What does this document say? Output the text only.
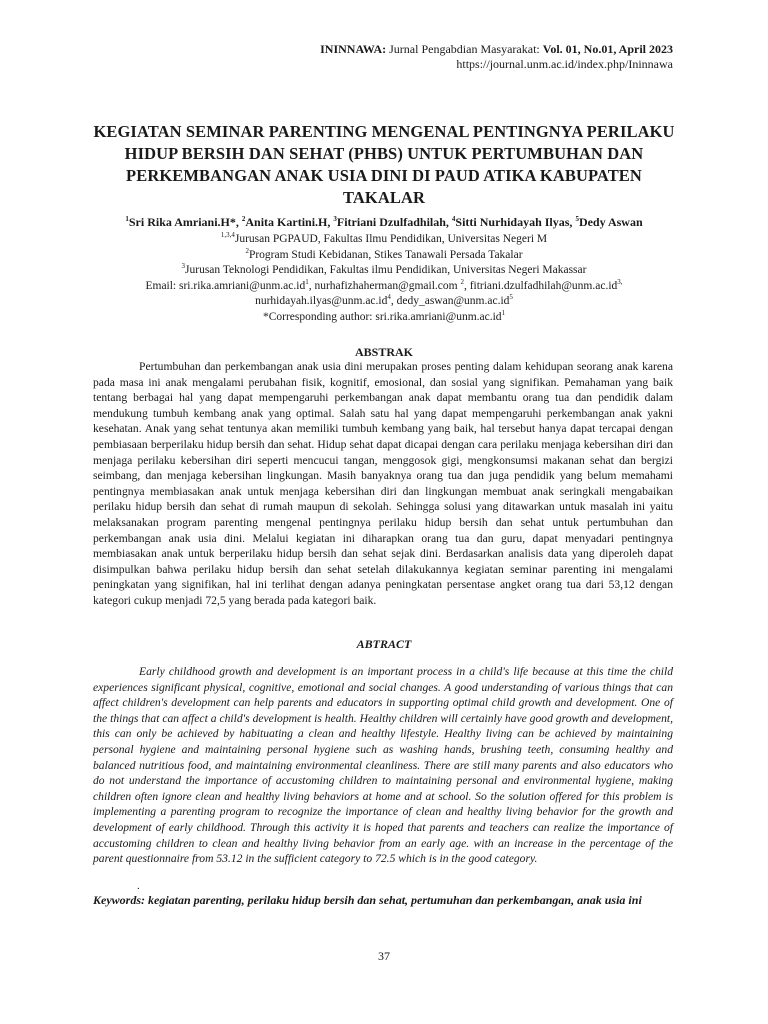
ININNAWA: Jurnal Pengabdian Masyarakat: Vol. 01, No.01, April 2023
https://journal.unm.ac.id/index.php/Ininnawa
KEGIATAN SEMINAR PARENTING MENGENAL PENTINGNYA PERILAKU HIDUP BERSIH DAN SEHAT (PHBS) UNTUK PERTUMBUHAN DAN PERKEMBANGAN ANAK USIA DINI DI PAUD ATIKA KABUPATEN TAKALAR
$^1$Sri Rika Amriani.H*, $^2$Anita Kartini.H, $^3$Fitriani Dzulfadhilah, $^4$Sitti Nurhidayah Ilyas, $^5$Dedy Aswan
$^{1,3,4}$Jurusan PGPAUD, Fakultas Ilmu Pendidikan, Universitas Negeri M
$^2$Program Studi Kebidanan, Stikes Tanawali Persada Takalar
$^3$Jurusan Teknologi Pendidikan, Fakultas ilmu Pendidikan, Universitas Negeri Makassar
Email: $sri.rika.amriani@unm.ac.id^1$, nurhafizhaherman@gmail.com $^2$, $fitriani.dzulfadhilah@unm.ac.id^{3,}$
$nurhidayah.ilyas@unm.ac.id^4$, $dedy\_aswan@unm.ac.id^5$
*Corresponding author: $sri.rika.amriani@unm.ac.id^1$
ABSTRAK

Pertumbuhan dan perkembangan anak usia dini merupakan proses penting dalam kehidupan seorang anak karena pada masa ini anak mengalami perubahan fisik, kognitif, emosional, dan sosial yang signifikan. Pemahaman yang baik tentang berbagai hal yang dapat mempengaruhi perkembangan anak dapat membantu orang tua dan pendidik dalam mendukung tumbuh kembang anak yang optimal. Salah satu hal yang dapat mempengaruhi perkembangan anak yakni kesehatan. Anak yang sehat tentunya akan memiliki tumbuh kembang yang baik, hal tersebut hanya dapat tercapai dengan pembiasaan berperilaku hidup bersih dan sehat. Hidup sehat dapat dicapai dengan cara perilaku menjaga kebersihan diri dan menjaga perilaku kebersihan diri seperti mencucui tangan, menggosok gigi, mengkonsumsi makanan sehat dan bergizi seimbang, dan menjaga kebersihan lingkungan. Masih banyaknya orang tua dan juga pendidik yang belum memahami pentingnya membiasakan anak untuk menjaga kebersihan diri dan lingkungan membuat anak seringkali mengabaikan perilaku hidup bersih dan sehat di rumah maupun di sekolah. Sehingga solusi yang ditawarkan untuk masalah ini yaitu melaksanakan program parenting mengenal pentingnya perilaku hidup bersih dan sehat untuk pertumbuhan dan perkembangan anak usia dini. Melalui kegiatan ini diharapkan orang tua dan guru, dapat menyadari pentingnya membiasakan anak untuk berperilaku hidup bersih dan sehat sejak dini. Berdasarkan analisis data yang diperoleh dapat disimpulkan bahwa perilaku hidup bersih dan sehat setelah dilakukannya kegiatan seminar parenting ini mengalami peningkatan yang signifikan, hal ini terlihat dengan adanya peningkatan persentase angket orang tua dari 53,12 dengan kategori cukup menjadi 72,5 yang berada pada kategori baik.

ABTRACT

Early childhood growth and development is an important process in a child's life because at this time the child experiences significant physical, cognitive, emotional and social changes. A good understanding of various things that can affect children's development can help parents and educators in supporting optimal child growth and development. One of the things that can affect a child's development is health. Healthy children will certainly have good growth and development, this can only be achieved by habituating a clean and healthy lifestyle. Healthy living can be achieved by maintaining personal hygiene and maintaining personal hygiene such as washing hands, brushing teeth, consuming healthy and balanced nutritious food, and maintaining environmental cleanliness. There are still many parents and also educators who do not understand the importance of accustoming children to maintaining personal and environmental hygiene, making children often ignore clean and healthy living behaviors at home and at school. So the solution offered for this problem is implementing a parenting program to recognize the importance of clean and healthy living behavior for the growth and development of early childhood. Through this activity it is hoped that parents and teachers can realize the importance of accustoming children to clean and healthy living behavior from an early age. with an increase in the percentage of the parent questionnaire from 53.12 in the sufficient category to 72.5 which is in the good category.

.
Keywords: kegiatan parenting, perilaku hidup bersih dan sehat, pertumuhan dan perkembangan, anak usia ini
37
